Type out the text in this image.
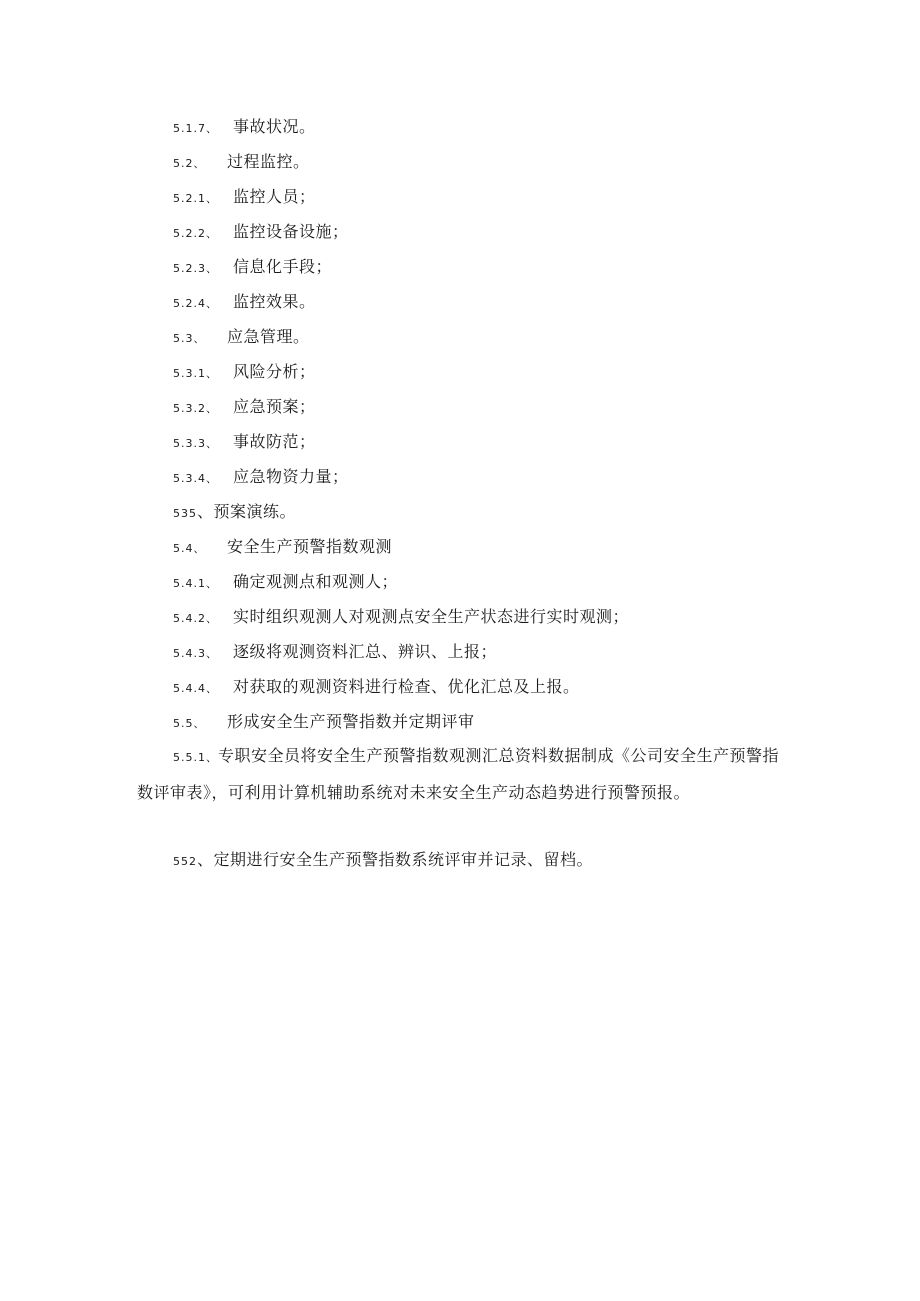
5.1.7、 事故状况。
5.2、 过程监控。
5.2.1、 监控人员；
5.2.2、 监控设备设施；
5.2.3、 信息化手段；
5.2.4、 监控效果。
5.3、 应急管理。
5.3.1、 风险分析；
5.3.2、 应急预案；
5.3.3、 事故防范；
5.3.4、 应急物资力量；
535、预案演练。
5.4、 安全生产预警指数观测
5.4.1、 确定观测点和观测人；
5.4.2、 实时组织观测人对观测点安全生产状态进行实时观测；
5.4.3、 逐级将观测资料汇总、辨识、上报；
5.4.4、 对获取的观测资料进行检查、优化汇总及上报。
5.5、 形成安全生产预警指数并定期评审
5.5.1、专职安全员将安全生产预警指数观测汇总资料数据制成《公司安全生产预警指数评审表》，可利用计算机辅助系统对未来安全生产动态趋势进行预警预报。
552、定期进行安全生产预警指数系统评审并记录、留档。
